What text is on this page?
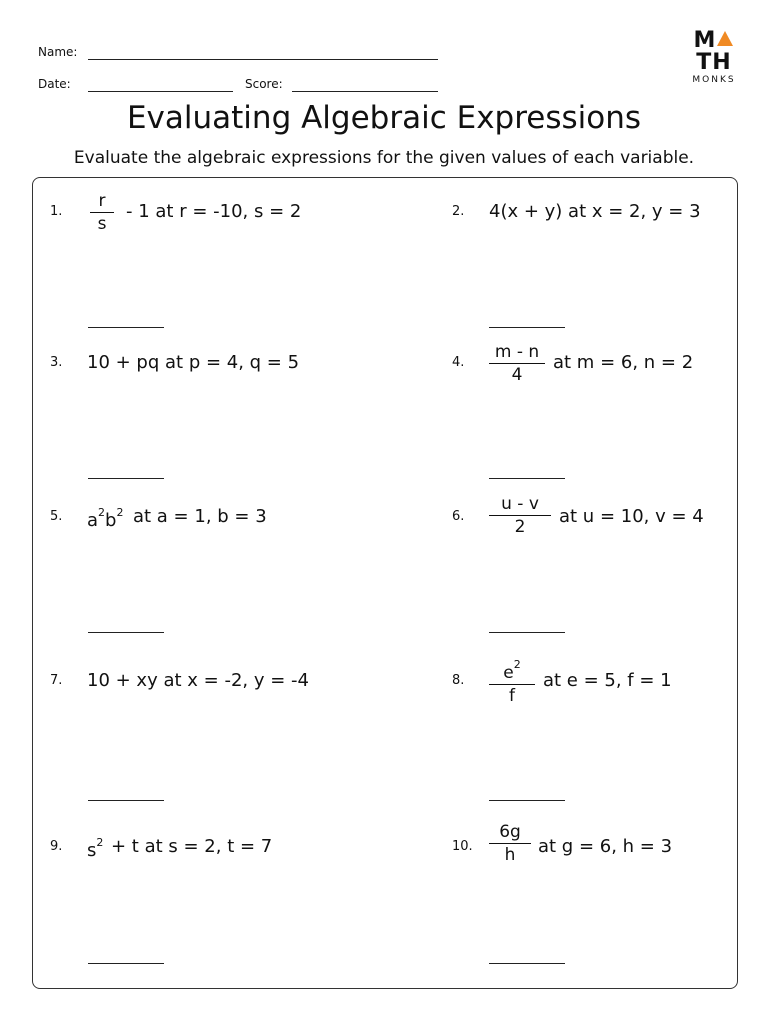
Name:
Date:	Score:
MTH
MONKS
Evaluating Algebraic Expressions
Evaluate the algebraic expressions for the given values of each variable.
1.
r
s
- 1 at r = -10, s = 2	2. 4(x + y) at x = 2, y = 3
3. 10 + pq at p = 4, q = 5	4.
m - n
4
at m = 6, n = 2
5. $a^2b^2$ at a = 1, b = 3	6.
u - v
2	at u = 10, v = 4
7. 10 + xy at x = -2, y = -4	8.	$e^2$
f
at e = 5, f = 1
9. $s^2 + t$ at s = 2, t = 7	10.
6g
h	at g = 6, h = 3
